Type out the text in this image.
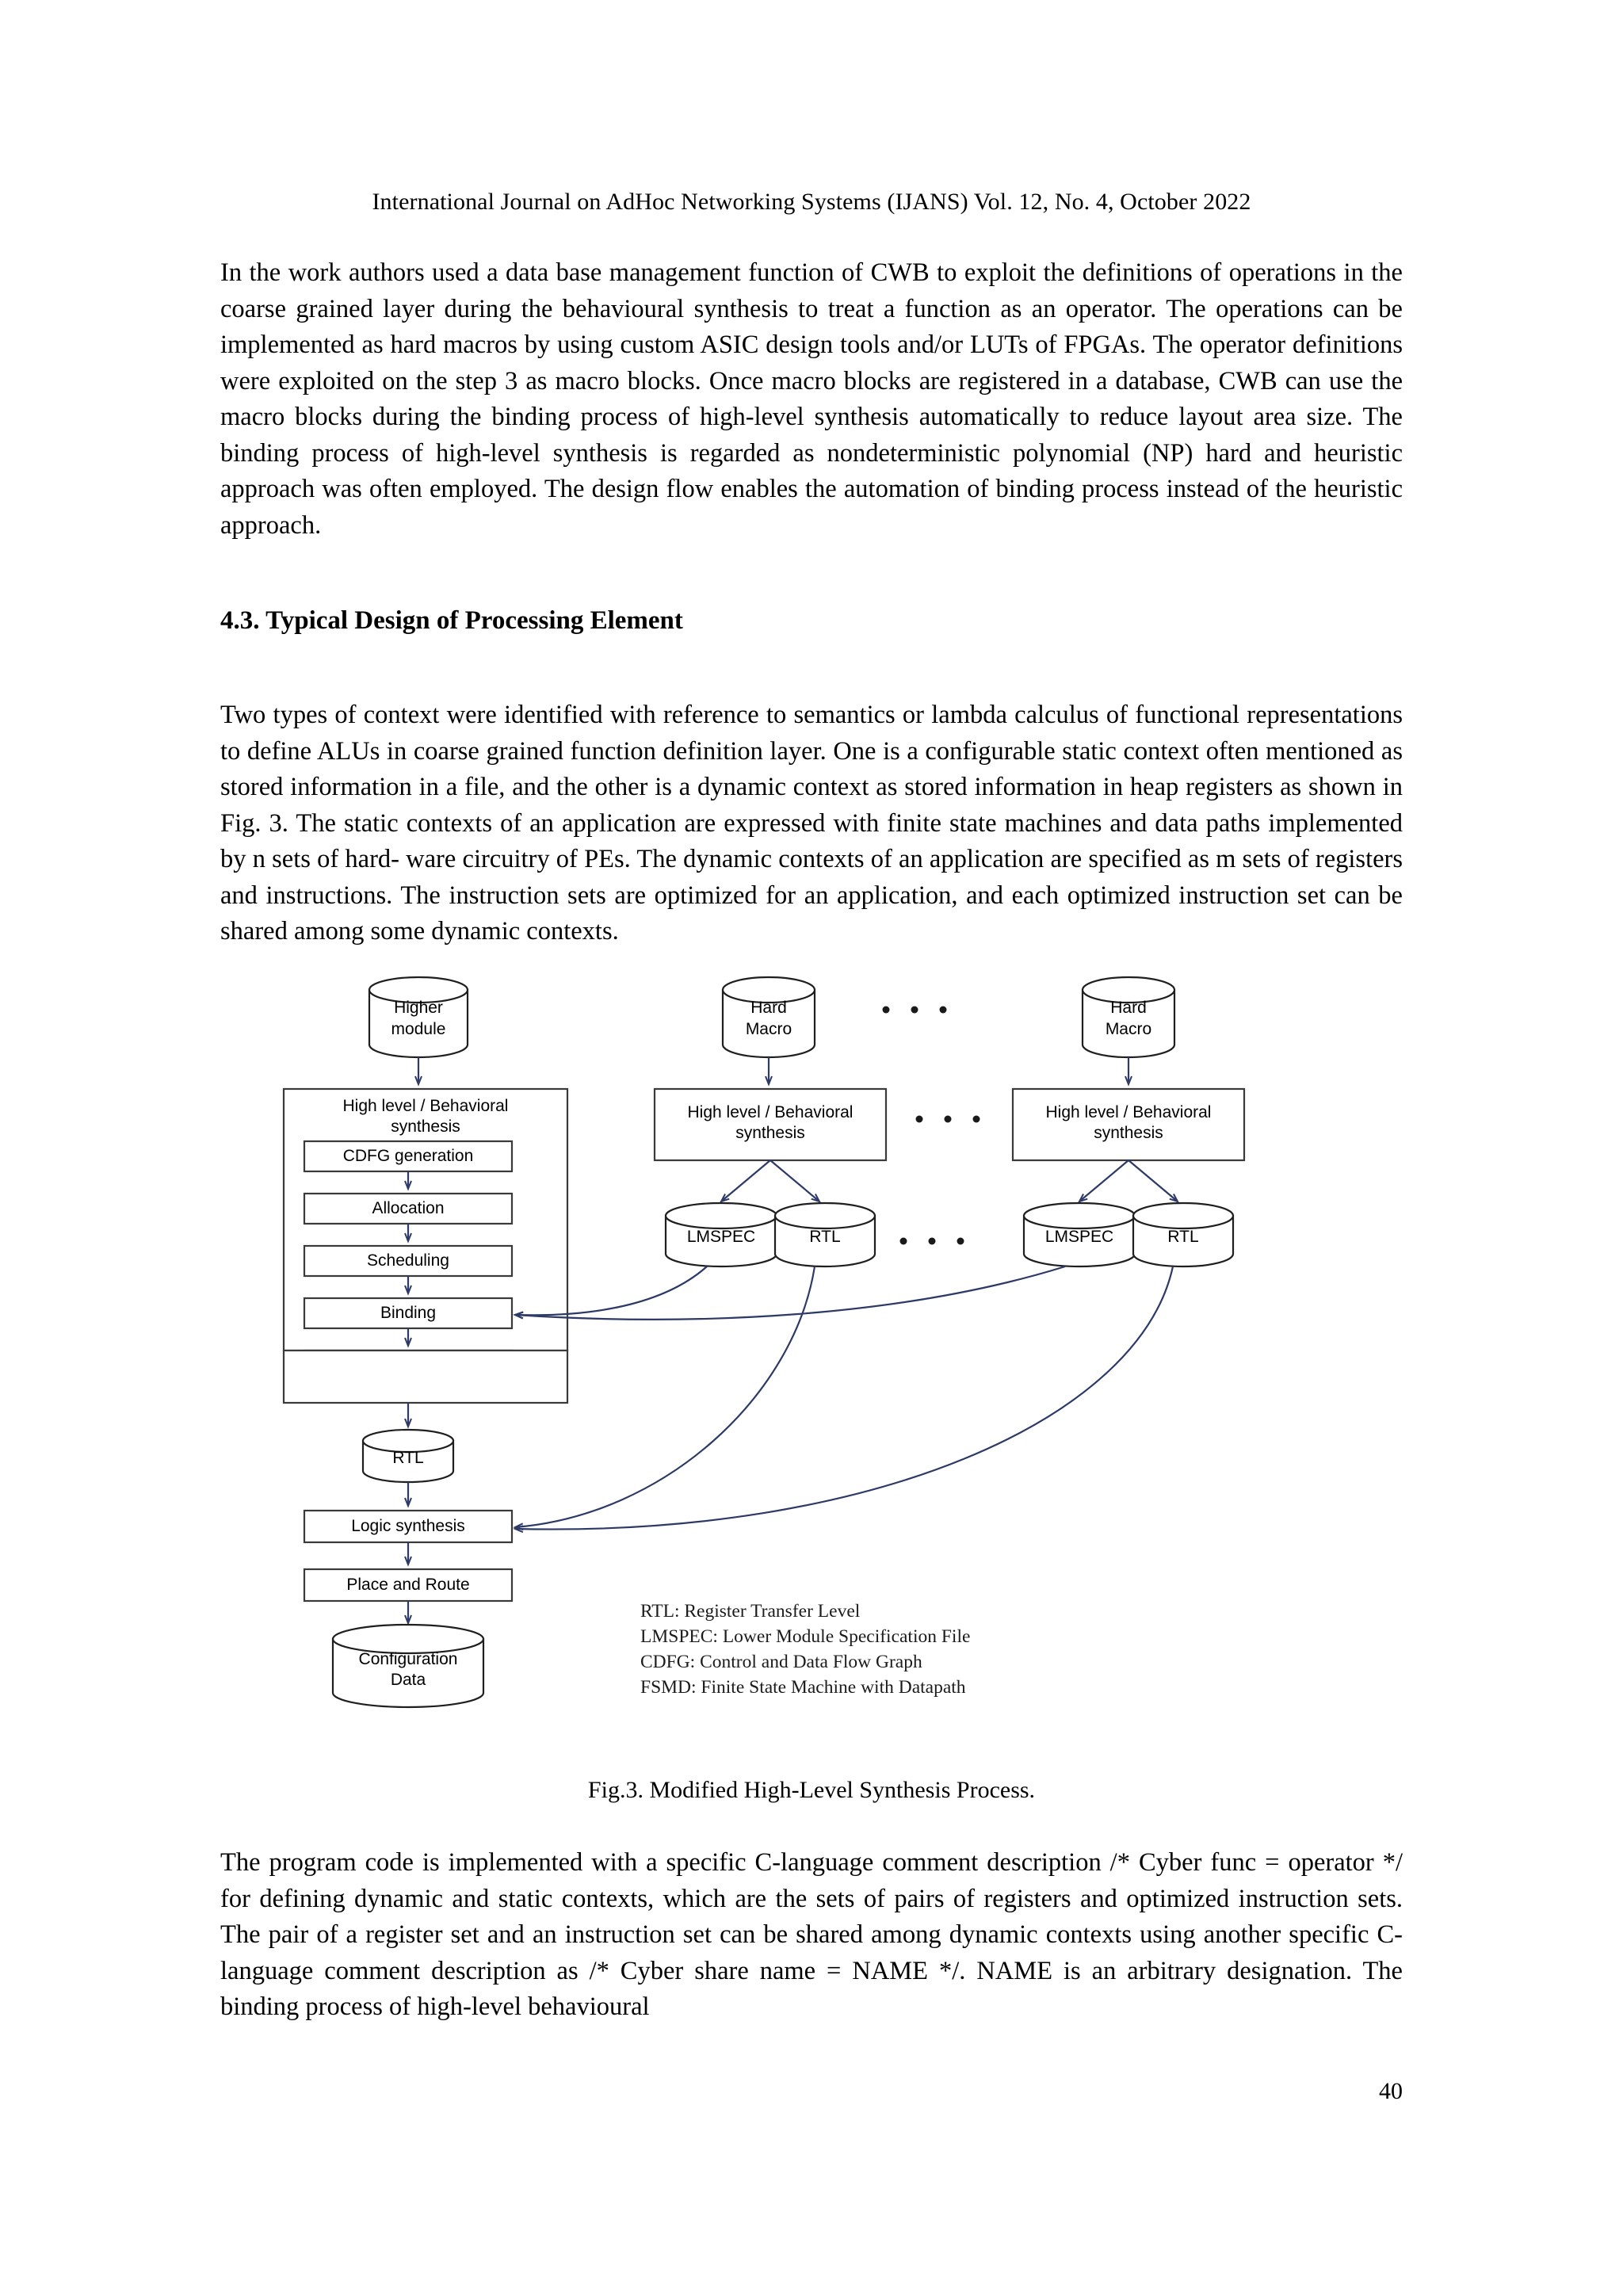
International Journal on AdHoc Networking Systems (IJANS) Vol. 12, No. 4, October 2022

In the work authors used a data base management function of CWB to exploit the definitions of operations in the coarse grained layer during the behavioural synthesis to treat a function as an operator. The operations can be implemented as hard macros by using custom ASIC design tools and/or LUTs of FPGAs. The operator definitions were exploited on the step 3 as macro blocks. Once macro blocks are registered in a database, CWB can use the macro blocks during the binding process of high-level synthesis automatically to reduce layout area size. The binding process of high-level synthesis is regarded as nondeterministic polynomial (NP) hard and heuristic approach was often employed. The design flow enables the automation of binding process instead of the heuristic approach.

4.3. Typical Design of Processing Element

Two types of context were identified with reference to semantics or lambda calculus of functional representations to define ALUs in coarse grained function definition layer. One is a configurable static context often mentioned as stored information in a file, and the other is a dynamic context as stored information in heap registers as shown in Fig. 3. The static contexts of an application are expressed with finite state machines and data paths implemented by n sets of hard- ware circuitry of PEs. The dynamic contexts of an application are specified as m sets of registers and instructions. The instruction sets are optimized for an application, and each optimized instruction set can be shared among some dynamic contexts.

Higher
module
Hard
Macro
Hard
Macro
High level / Behavioral
synthesis
CDFG generation
Allocation
Scheduling
Binding
RTL
Logic synthesis
Place and Route
Configuration
Data
High level / Behavioral
synthesis
LMSPEC	RTL
High level / Behavioral
synthesis
LMSPEC	RTL
RTL: Register Transfer Level
LMSPEC: Lower Module Specification File
CDFG: Control and Data Flow Graph
FSMD: Finite State Machine with Datapath
Fig.3. Modified High-Level Synthesis Process.

The program code is implemented with a specific C-language comment description /* Cyber func = operator */ for defining dynamic and static contexts, which are the sets of pairs of registers and optimized instruction sets. The pair of a register set and an instruction set can be shared among dynamic contexts using another specific C-language comment description as /* Cyber share name = NAME */. NAME is an arbitrary designation. The binding process of high-level behavioural

40
